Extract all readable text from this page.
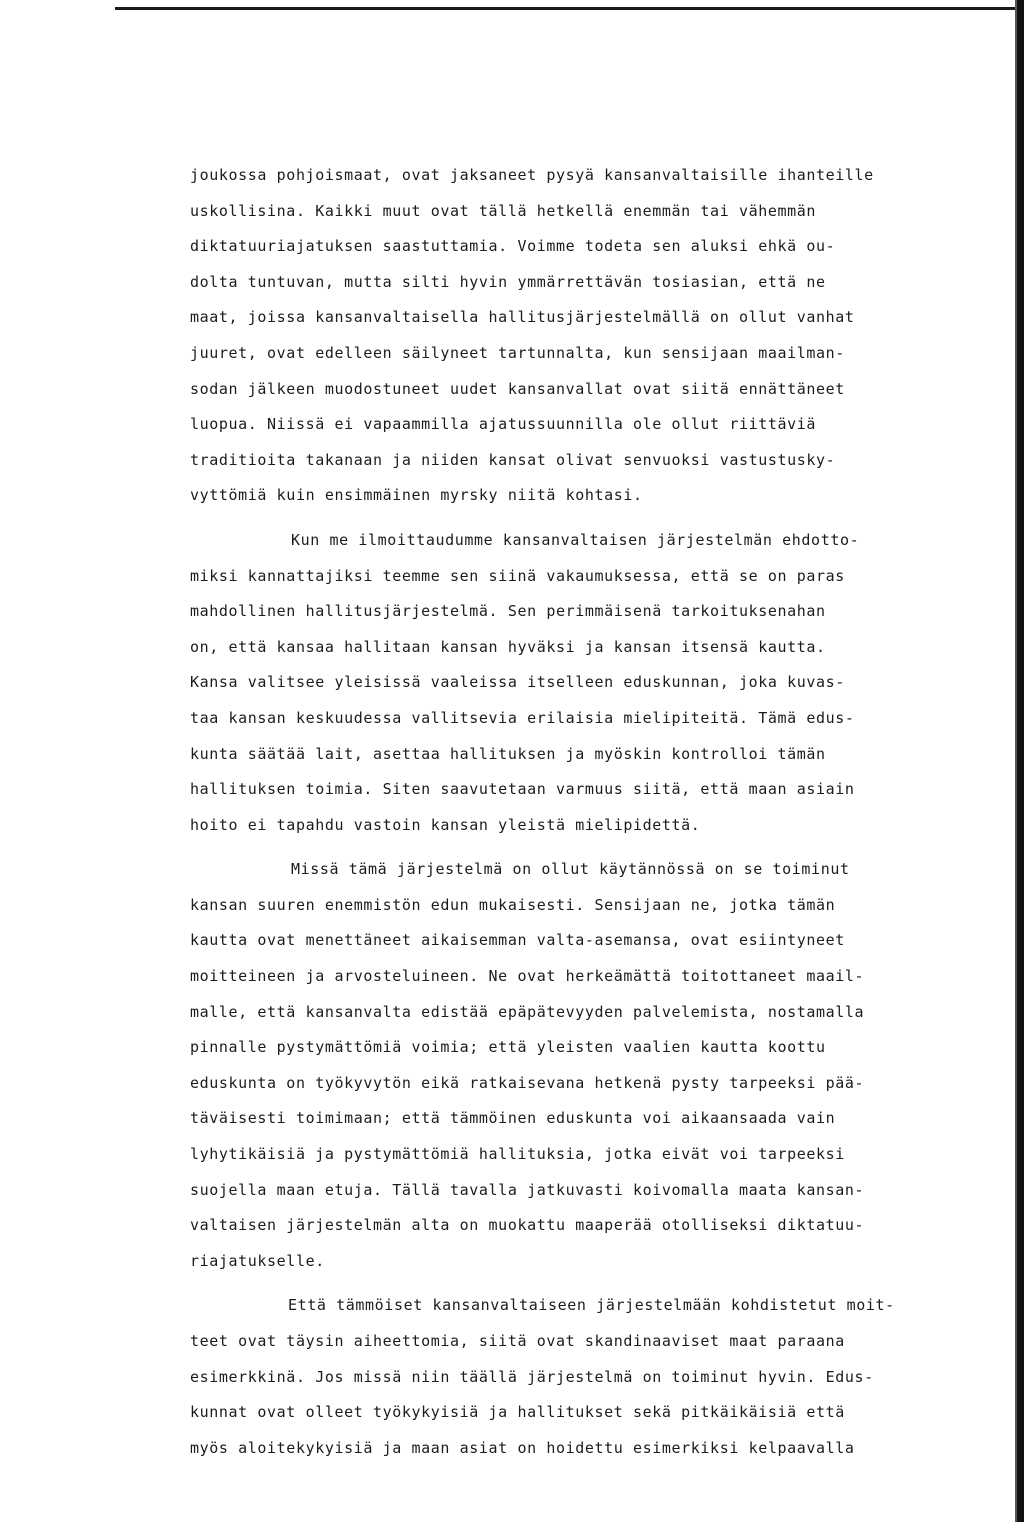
joukossa pohjoismaat, ovat jaksaneet pysyä kansanvaltaisille ihanteille
uskollisina. Kaikki muut ovat tällä hetkellä enemmän tai vähemmän
diktatuuriajatuksen saastuttamia. Voimme todeta sen aluksi ehkä ou-
dolta tuntuvan, mutta silti hyvin ymmärrettävän tosiasian, että ne
maat, joissa kansanvaltaisella hallitusjärjestelmällä on ollut vanhat
juuret, ovat edelleen säilyneet tartunnalta, kun sensijaan maailman-
sodan jälkeen muodostuneet uudet kansanvallat ovat siitä ennättäneet
luopua. Niissä ei vapaammilla ajatussuunnilla ole ollut riittäviä
traditioita takanaan ja niiden kansat olivat senvuoksi vastustusky-
vyttömiä kuin ensimmäinen myrsky niitä kohtasi.
Kun me ilmoittaudumme kansanvaltaisen järjestelmän ehdotto-
miksi kannattajiksi teemme sen siinä vakaumuksessa, että se on paras
mahdollinen hallitusjärjestelmä. Sen perimmäisenä tarkoituksenahan
on, että kansaa hallitaan kansan hyväksi ja kansan itsensä kautta.
Kansa valitsee yleisissä vaaleissa itselleen eduskunnan, joka kuvas-
taa kansan keskuudessa vallitsevia erilaisia mielipiteitä. Tämä edus-
kunta säätää lait, asettaa hallituksen ja myöskin kontrolloi tämän
hallituksen toimia. Siten saavutetaan varmuus siitä, että maan asiain
hoito ei tapahdu vastoin kansan yleistä mielipidettä.
Missä tämä järjestelmä on ollut käytännössä on se toiminut
kansan suuren enemmistön edun mukaisesti. Sensijaan ne, jotka tämän
kautta ovat menettäneet aikaisemman valta-asemansa, ovat esiintyneet
moitteineen ja arvosteluineen. Ne ovat herkeämättä toitottaneet maail-
malle, että kansanvalta edistää epäpätevyyden palvelemista, nostamalla
pinnalle pystymättömiä voimia; että yleisten vaalien kautta koottu
eduskunta on työkyvytön eikä ratkaisevana hetkenä pysty tarpeeksi pää-
täväisesti toimimaan; että tämmöinen eduskunta voi aikaansaada vain
lyhytikäisiä ja pystymättömiä hallituksia, jotka eivät voi tarpeeksi
suojella maan etuja. Tällä tavalla jatkuvasti koivomalla maata kansan-
valtaisen järjestelmän alta on muokattu maaperää otolliseksi diktatuu-
riajatukselle.
Että tämmöiset kansanvaltaiseen järjestelmään kohdistetut moit-
teet ovat täysin aiheettomia, siitä ovat skandinaaviset maat paraana
esimerkkinä. Jos missä niin täällä järjestelmä on toiminut hyvin. Edus-
kunnat ovat olleet työkykyisiä ja hallitukset sekä pitkäikäisiä että
myös aloitekykyisiä ja maan asiat on hoidettu esimerkiksi kelpaavalla
